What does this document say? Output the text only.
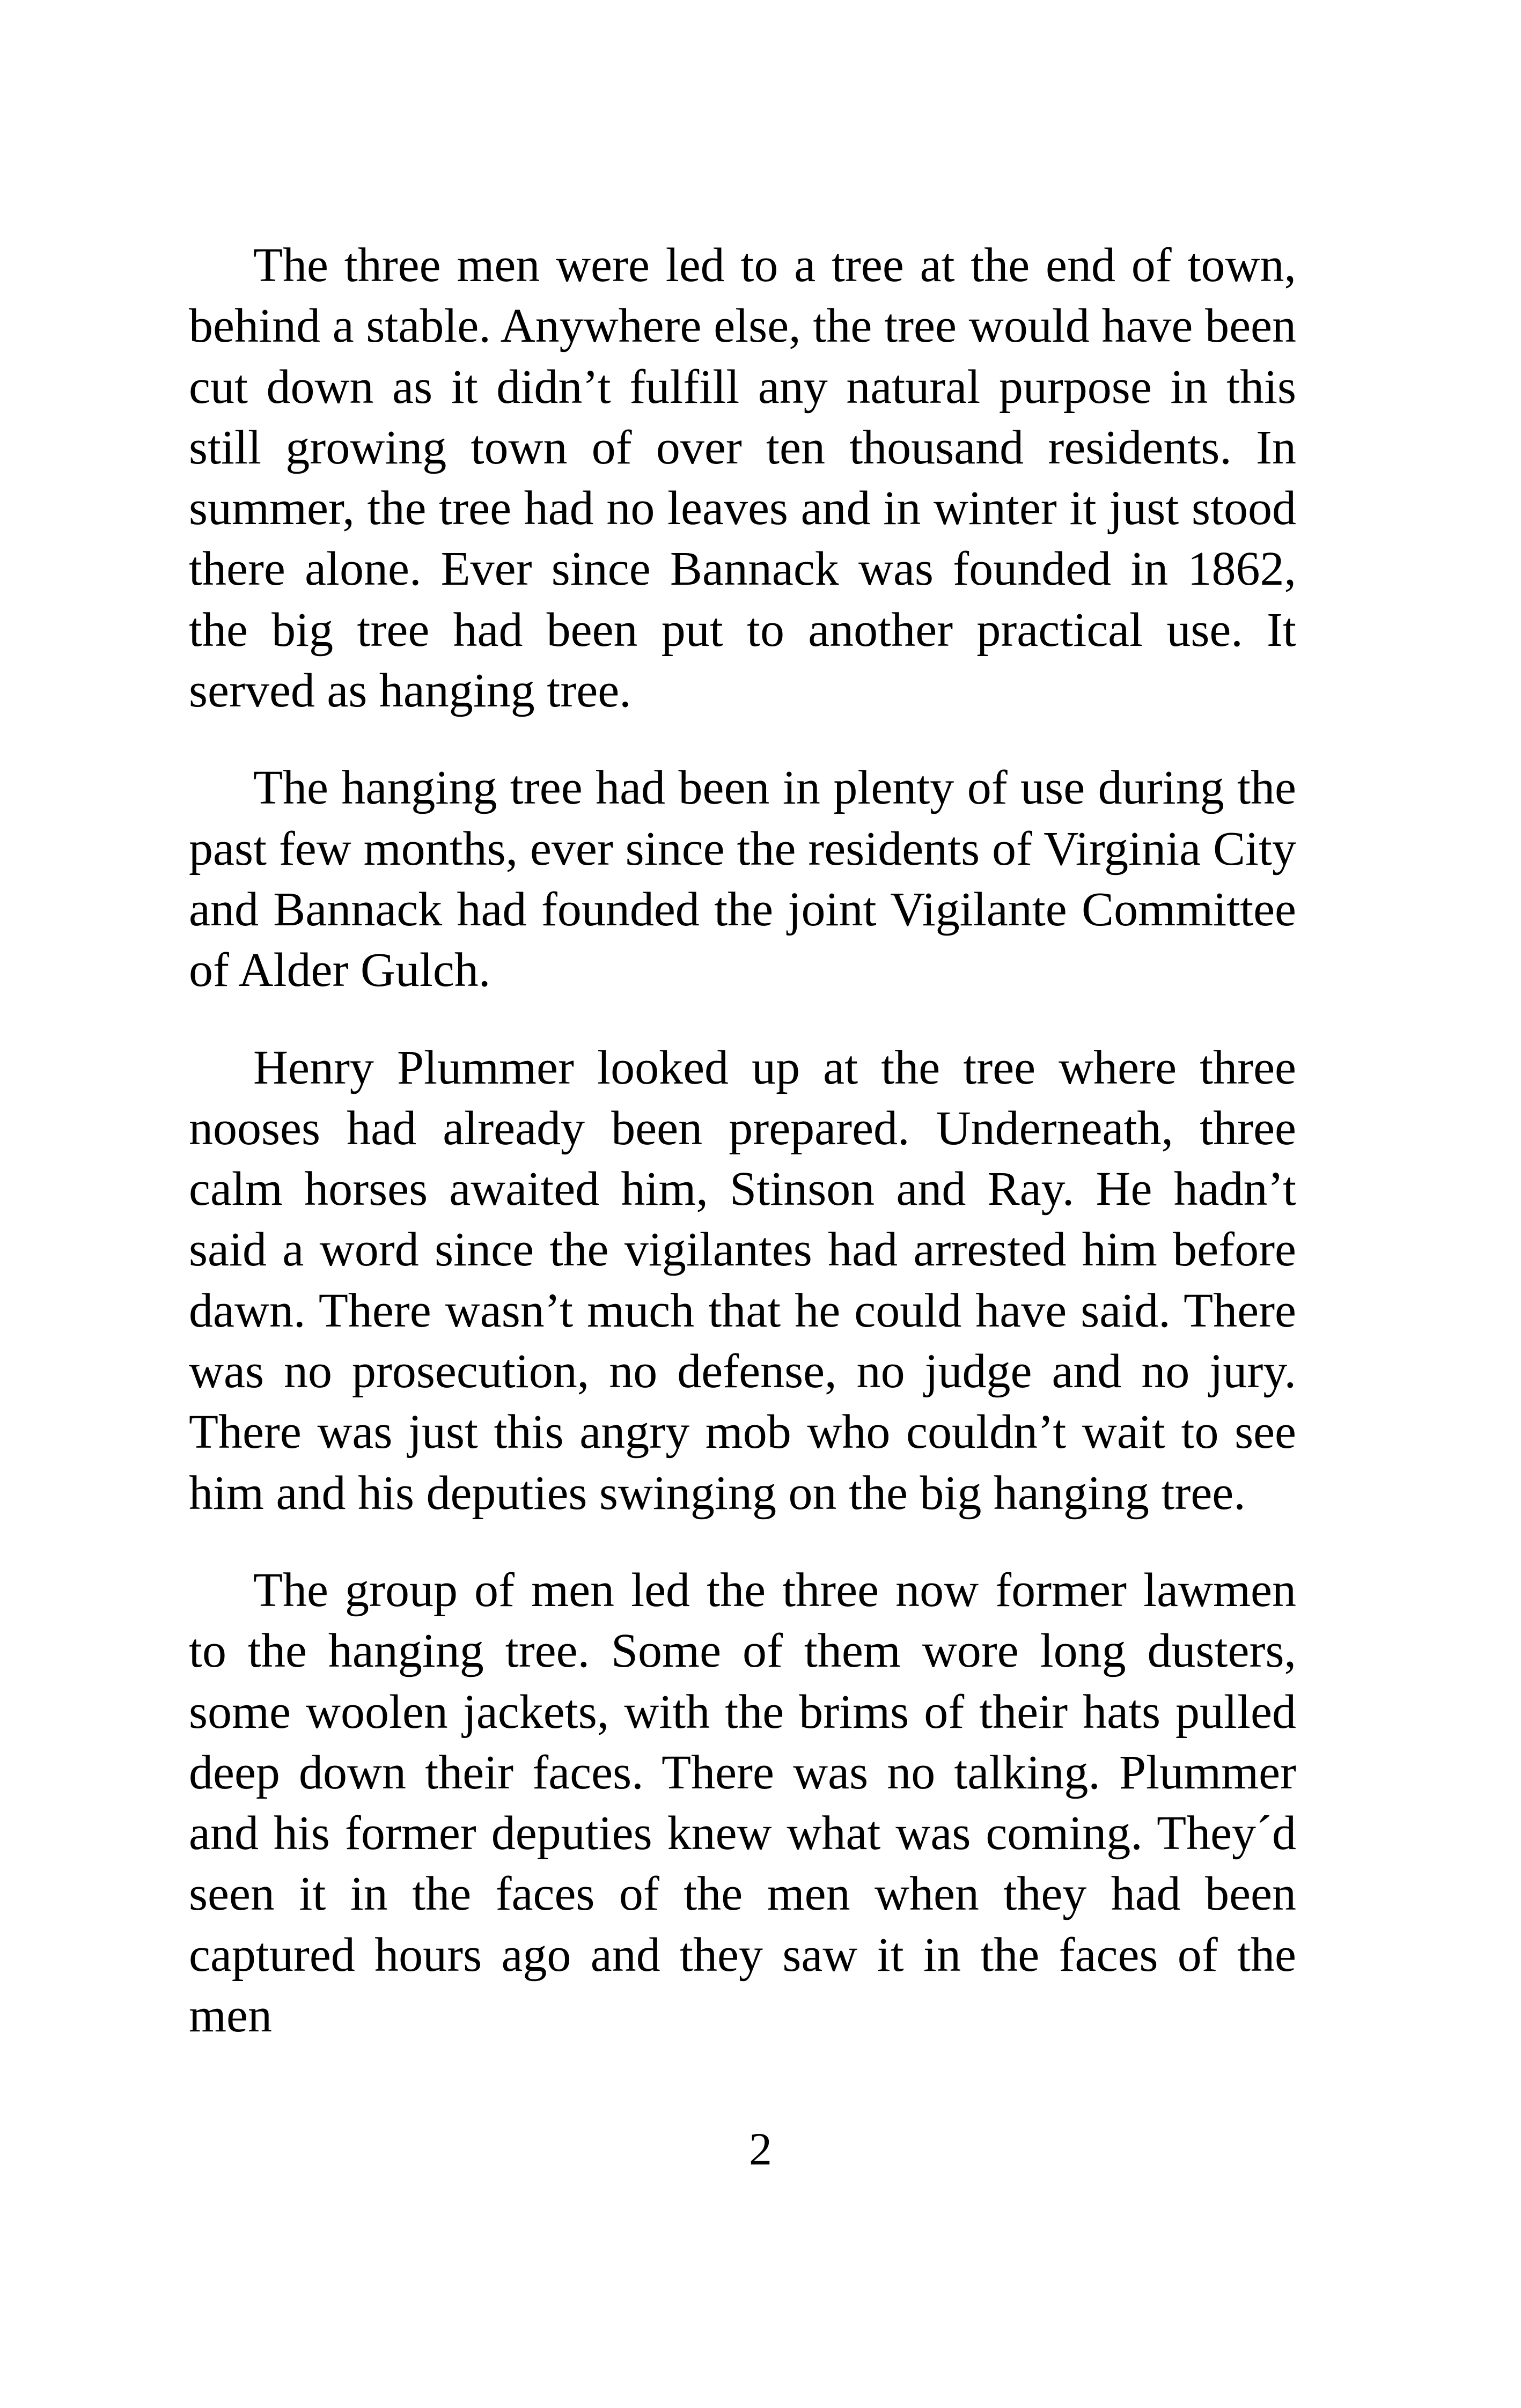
The three men were led to a tree at the end of town, behind a stable. Anywhere else, the tree would have been cut down as it didn’t fulfill any natural purpose in this still growing town of over ten thousand residents. In summer, the tree had no leaves and in winter it just stood there alone. Ever since Bannack was founded in 1862, the big tree had been put to another practical use. It served as hanging tree.

The hanging tree had been in plenty of use during the past few months, ever since the residents of Virginia City and Bannack had founded the joint Vigilante Committee of Alder Gulch.

Henry Plummer looked up at the tree where three nooses had already been prepared. Underneath, three calm horses awaited him, Stinson and Ray. He hadn’t said a word since the vigilantes had arrested him before dawn. There wasn’t much that he could have said. There was no prosecution, no defense, no judge and no jury. There was just this angry mob who couldn’t wait to see him and his deputies swinging on the big hanging tree.

The group of men led the three now former lawmen to the hanging tree. Some of them wore long dusters, some woolen jackets, with the brims of their hats pulled deep down their faces. There was no talking. Plummer and his former deputies knew what was coming. They´d seen it in the faces of the men when they had been captured hours ago and they saw it in the faces of the men

2
